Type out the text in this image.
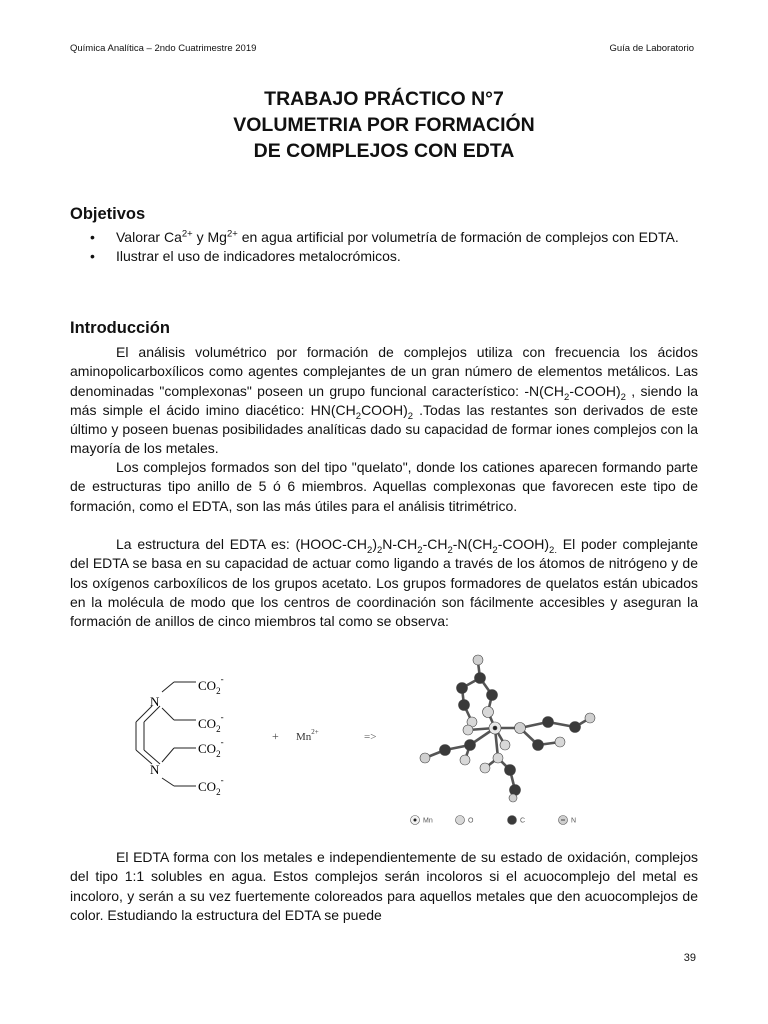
Química Analítica – 2ndo Cuatrimestre 2019	Guía de Laboratorio
TRABAJO PRÁCTICO N°7
VOLUMETRIA POR FORMACIÓN
DE COMPLEJOS CON EDTA
Objetivos
• Valorar $Ca^{2+}$ y $Mg^{2+}$ en agua artificial por volumetría de formación de complejos con EDTA.
• Ilustrar el uso de indicadores metalocrómicos.
Introducción
El análisis volumétrico por formación de complejos utiliza con frecuencia los ácidos aminopolicarboxílicos como agentes complejantes de un gran número de elementos metálicos. Las denominadas "complexonas" poseen un grupo funcional característico: $-N(CH_2-COOH)_2$ , siendo la más simple el ácido imino diacético: $HN(CH_2COOH)_2$ .Todas las restantes son derivados de este último y poseen buenas posibilidades analíticas dado su capacidad de formar iones complejos con la mayoría de los metales.
Los complejos formados son del tipo "quelato", donde los cationes aparecen formando parte de estructuras tipo anillo de 5 ó 6 miembros. Aquellas complexonas que favorecen este tipo de formación, como el EDTA, son las más útiles para el análisis titrimétrico.
La estructura del EDTA es: $(HOOC-CH_2)_2N-CH_2-CH_2-N(CH_2-COOH)_{2.}$ El poder complejante del EDTA se basa en su capacidad de actuar como ligando a través de los átomos de nitrógeno y de los oxígenos carboxílicos de los grupos acetato. Los grupos formadores de quelatos están ubicados en la molécula de modo que los centros de coordinación son fácilmente accesibles y aseguran la formación de anillos de cinco miembros tal como se observa:
N
N
$CO_2^-$
$CO_2^-$
$CO_2^-$
$CO_2^-$
+ $Mn^{2+}$	=>
Mn	O	C	N
El EDTA forma con los metales e independientemente de su estado de oxidación, complejos del tipo 1:1 solubles en agua. Estos complejos serán incoloros si el acuocomplejo del metal es incoloro, y serán a su vez fuertemente coloreados para aquellos metales que den acuocomplejos de color. Estudiando la estructura del EDTA se puede
39
